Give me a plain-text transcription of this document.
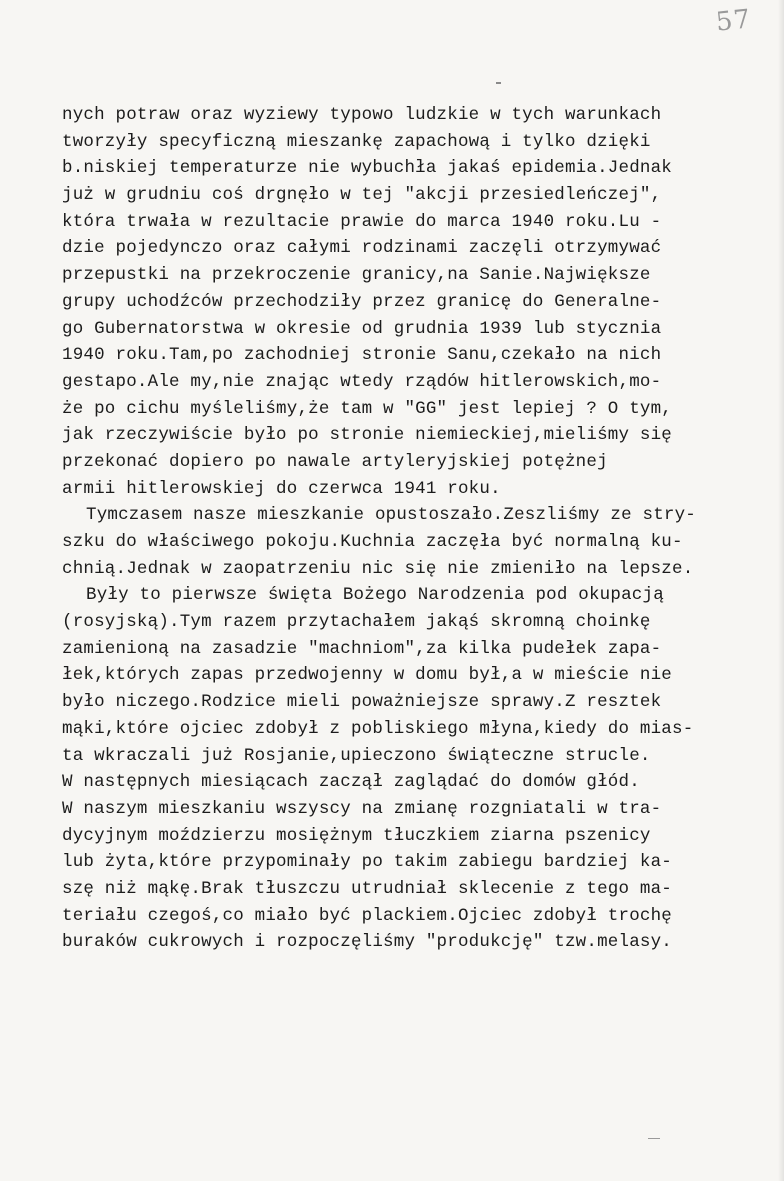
57
nych potraw oraz wyziewy typowo ludzkie w tych warunkach
tworzyły specyficzną mieszankę zapachową i tylko dzięki
b.niskiej temperaturze nie wybuchła jakaś epidemia.Jednak
już w grudniu coś drgnęło w tej "akcji przesiedleńczej",
która trwała w rezultacie prawie do marca 1940 roku.Lu -
dzie pojedynczo oraz całymi rodzinami zaczęli otrzymywać
przepustki na przekroczenie granicy,na Sanie.Największe
grupy uchodźców przechodziły przez granicę do Generalne-
go Gubernatorstwa w okresie od grudnia 1939 lub stycznia
1940 roku.Tam,po zachodniej stronie Sanu,czekało na nich
gestapo.Ale my,nie znając wtedy rządów hitlerowskich,mo-
że po cichu myśleliśmy,że tam w "GG" jest lepiej ? O tym,
jak rzeczywiście było po stronie niemieckiej,mieliśmy się
przekonać dopiero po nawale artyleryjskiej potężnej
armii hitlerowskiej do czerwca 1941 roku.
Tymczasem nasze mieszkanie opustoszało.Zeszliśmy ze stry-
szku do właściwego pokoju.Kuchnia zaczęła być normalną ku-
chnią.Jednak w zaopatrzeniu nic się nie zmieniło na lepsze.
Były to pierwsze święta Bożego Narodzenia pod okupacją
(rosyjską).Tym razem przytachałem jakąś skromną choinkę
zamienioną na zasadzie "machniom",za kilka pudełek zapa-
łek,których zapas przedwojenny w domu był,a w mieście nie
było niczego.Rodzice mieli poważniejsze sprawy.Z resztek
mąki,które ojciec zdobył z pobliskiego młyna,kiedy do mias-
ta wkraczali już Rosjanie,upieczono świąteczne strucle.
W następnych miesiącach zaczął zaglądać do domów głód.
W naszym mieszkaniu wszyscy na zmianę rozgniatali w tra-
dycyjnym moździerzu mosiężnym tłuczkiem ziarna pszenicy
lub żyta,które przypominały po takim zabiegu bardziej ka-
szę niż mąkę.Brak tłuszczu utrudniał sklecenie z tego ma-
teriału czegoś,co miało być plackiem.Ojciec zdobył trochę
buraków cukrowych i rozpoczęliśmy "produkcję" tzw.melasy.
